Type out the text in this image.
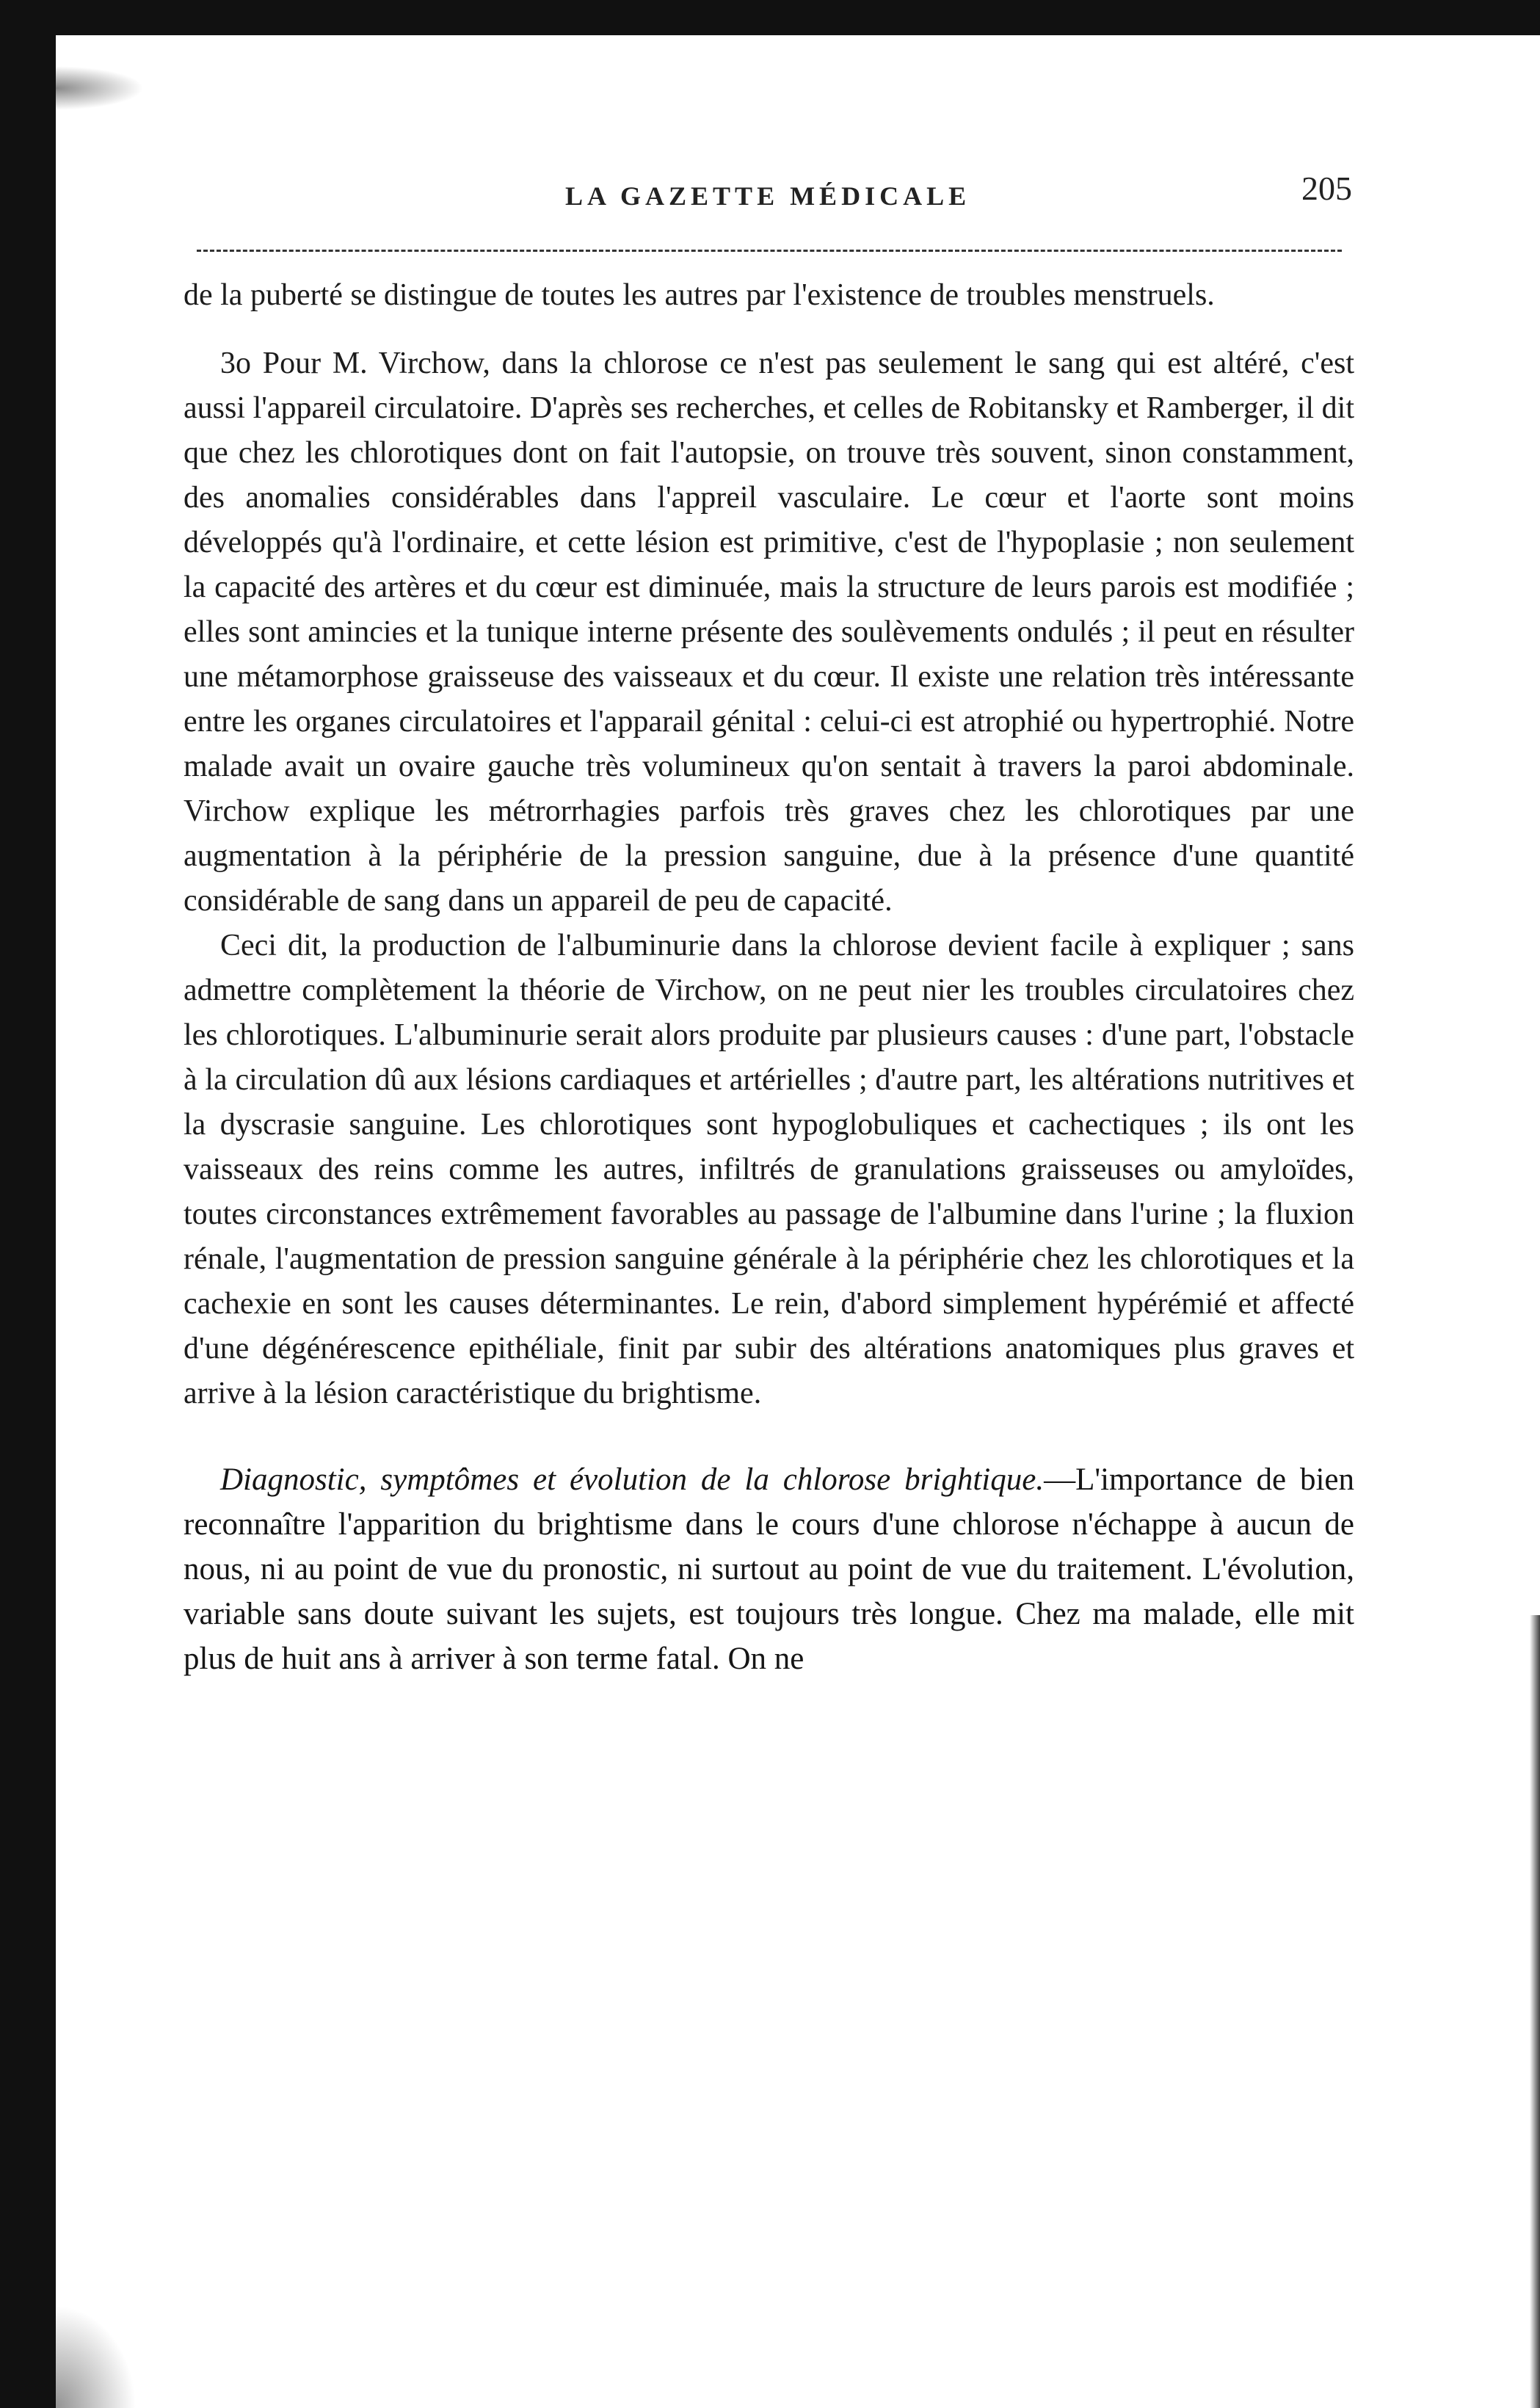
LA GAZETTE MÉDICALE	205

de la puberté se distingue de toutes les autres par l'existence de troubles menstruels.

3o Pour M. Virchow, dans la chlorose ce n'est pas seulement le sang qui est altéré, c'est aussi l'appareil circulatoire. D'après ses recherches, et celles de Robitansky et Ramberger, il dit que chez les chlorotiques dont on fait l'autopsie, on trouve très souvent, sinon constamment, des anomalies considérables dans l'appreil vasculaire. Le cœur et l'aorte sont moins développés qu'à l'ordinaire, et cette lésion est primitive, c'est de l'hypoplasie ; non seulement la capacité des artères et du cœur est diminuée, mais la structure de leurs parois est modifiée ; elles sont amincies et la tunique interne présente des soulèvements ondulés ; il peut en résulter une métamorphose graisseuse des vaisseaux et du cœur. Il existe une relation très intéressante entre les organes circulatoires et l'apparail génital : celui-ci est atrophié ou hypertrophié. Notre malade avait un ovaire gauche très volumineux qu'on sentait à travers la paroi abdominale. Virchow explique les métrorrhagies parfois très graves chez les chlorotiques par une augmentation à la périphérie de la pression sanguine, due à la présence d'une quantité considérable de sang dans un appareil de peu de capacité.

Ceci dit, la production de l'albuminurie dans la chlorose devient facile à expliquer ; sans admettre complètement la théorie de Virchow, on ne peut nier les troubles circulatoires chez les chlorotiques. L'albuminurie serait alors produite par plusieurs causes : d'une part, l'obstacle à la circulation dû aux lésions cardiaques et artérielles ; d'autre part, les altérations nutritives et la dyscrasie sanguine. Les chlorotiques sont hypoglobuliques et cachectiques ; ils ont les vaisseaux des reins comme les autres, infiltrés de granulations graisseuses ou amyloïdes, toutes circonstances extrêmement favorables au passage de l'albumine dans l'urine ; la fluxion rénale, l'augmentation de pression sanguine générale à la périphérie chez les chlorotiques et la cachexie en sont les causes déterminantes. Le rein, d'abord simplement hypérémié et affecté d'une dégénérescence epithéliale, finit par subir des altérations anatomiques plus graves et arrive à la lésion caractéristique du brightisme.

Diagnostic, symptômes et évolution de la chlorose brightique.—L'importance de bien reconnaître l'apparition du brightisme dans le cours d'une chlorose n'échappe à aucun de nous, ni au point de vue du pronostic, ni surtout au point de vue du traitement. L'évolution, variable sans doute suivant les sujets, est toujours très longue. Chez ma malade, elle mit plus de huit ans à arriver à son terme fatal. On ne
